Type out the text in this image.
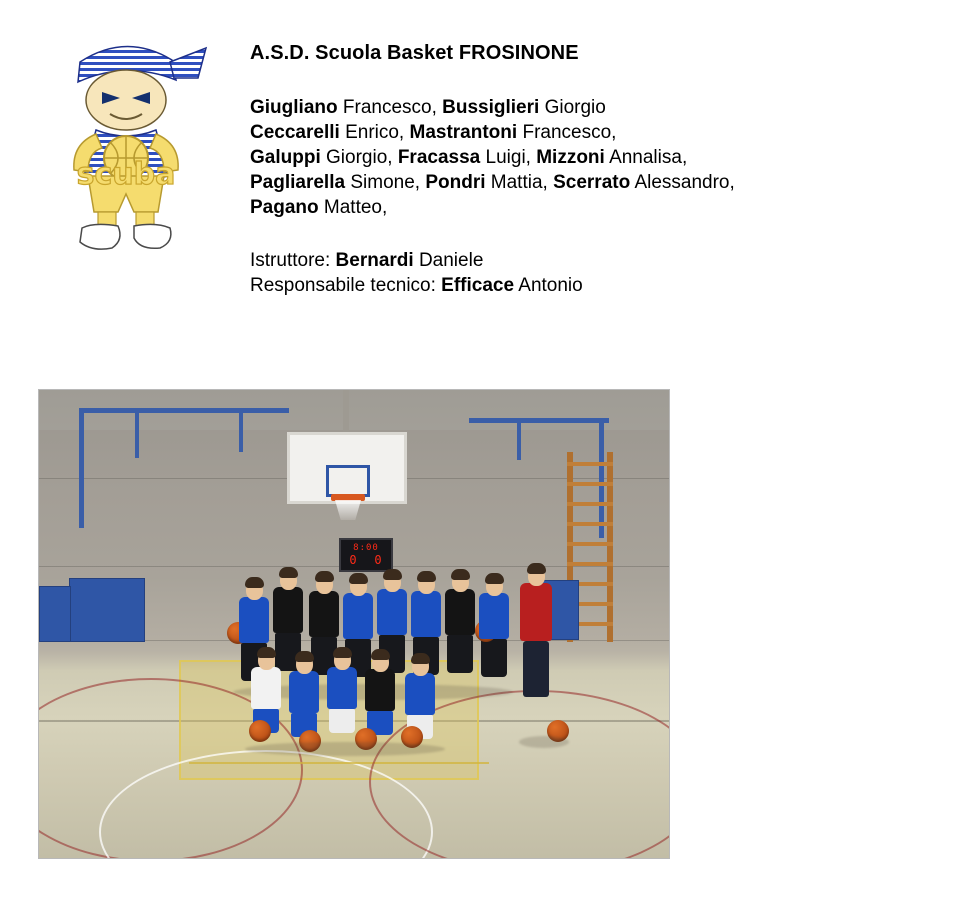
scuba
A.S.D. Scuola Basket FROSINONE
Giugliano Francesco, Bussiglieri Giorgio
Ceccarelli Enrico, Mastrantoni Francesco,
Galuppi Giorgio, Fracassa Luigi, Mizzoni Annalisa,
Pagliarella Simone, Pondri Mattia, Scerrato Alessandro,
Pagano Matteo,
Istruttore: Bernardi Daniele
Responsabile tecnico: Efficace Antonio
8:00
0 0
